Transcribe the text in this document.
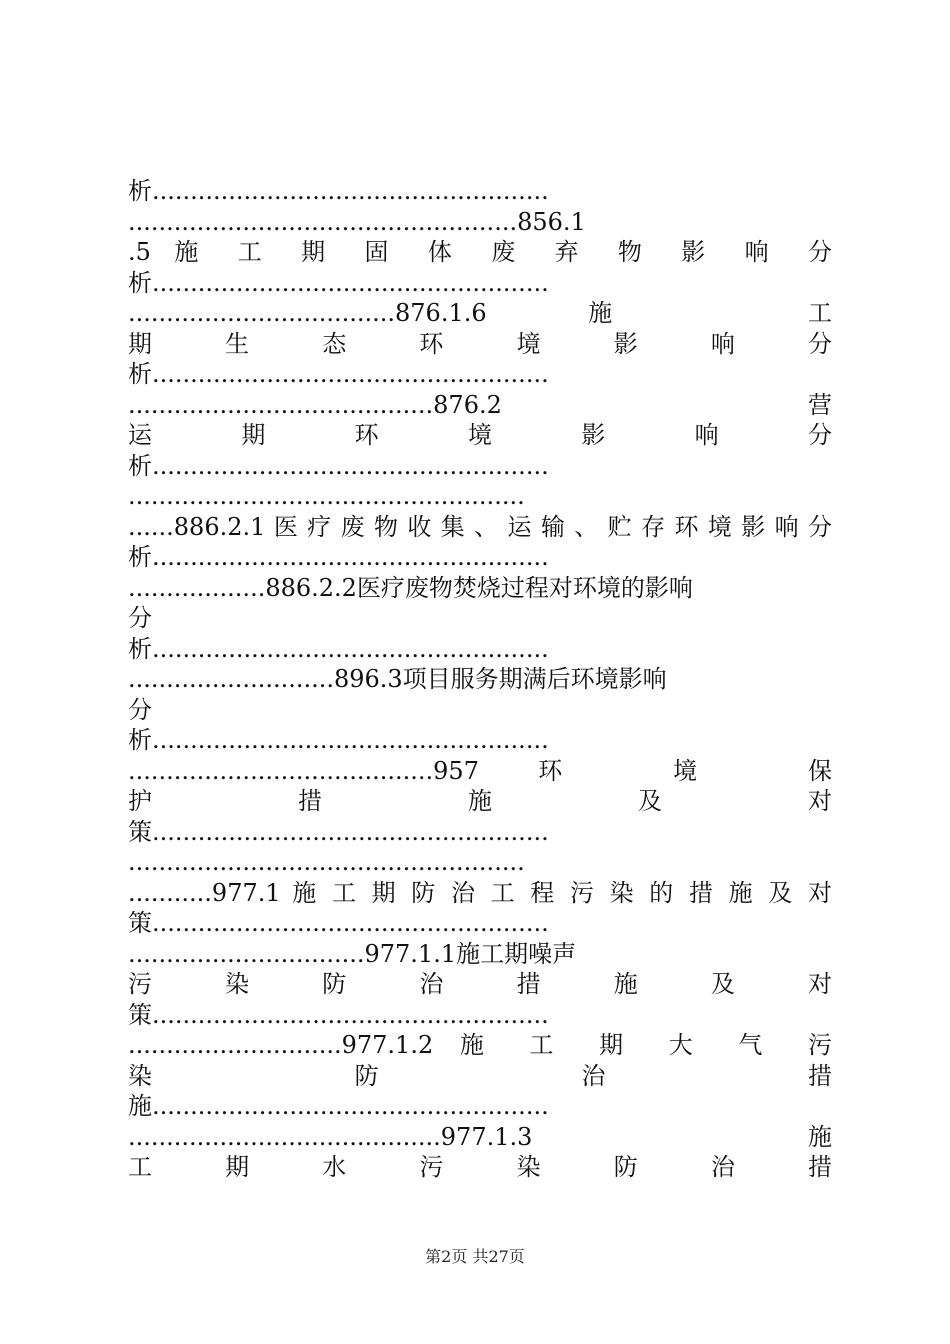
析....................................................
...................................................856.1
.5 施 工 期 固 体 废 弃 物 影 响 分
析....................................................
...................................876.1.6 施 工
期 生 态 环 境 影 响 分
析....................................................
........................................876.2 营
运 期 环 境 影 响 分
析....................................................
....................................................
......886.2.1 医 疗 废 物 收 集 、 运 输 、 贮 存 环 境 影 响 分
析....................................................
..................886.2.2医疗废物焚烧过程对环境的影响
分
析....................................................
...........................896.3项目服务期满后环境影响
分
析....................................................
........................................957 环 境 保
护 措 施 及 对
策....................................................
....................................................
...........977.1 施 工 期 防 治 工 程 污 染 的 措 施 及 对
策....................................................
...............................977.1.1施工期噪声
污 染 防 治 措 施 及 对
策....................................................
............................977.1.2 施 工 期 大 气 污
染 防 治 措
施....................................................
.........................................977.1.3 施
工 期 水 污 染 防 治 措
第2页 共27页
